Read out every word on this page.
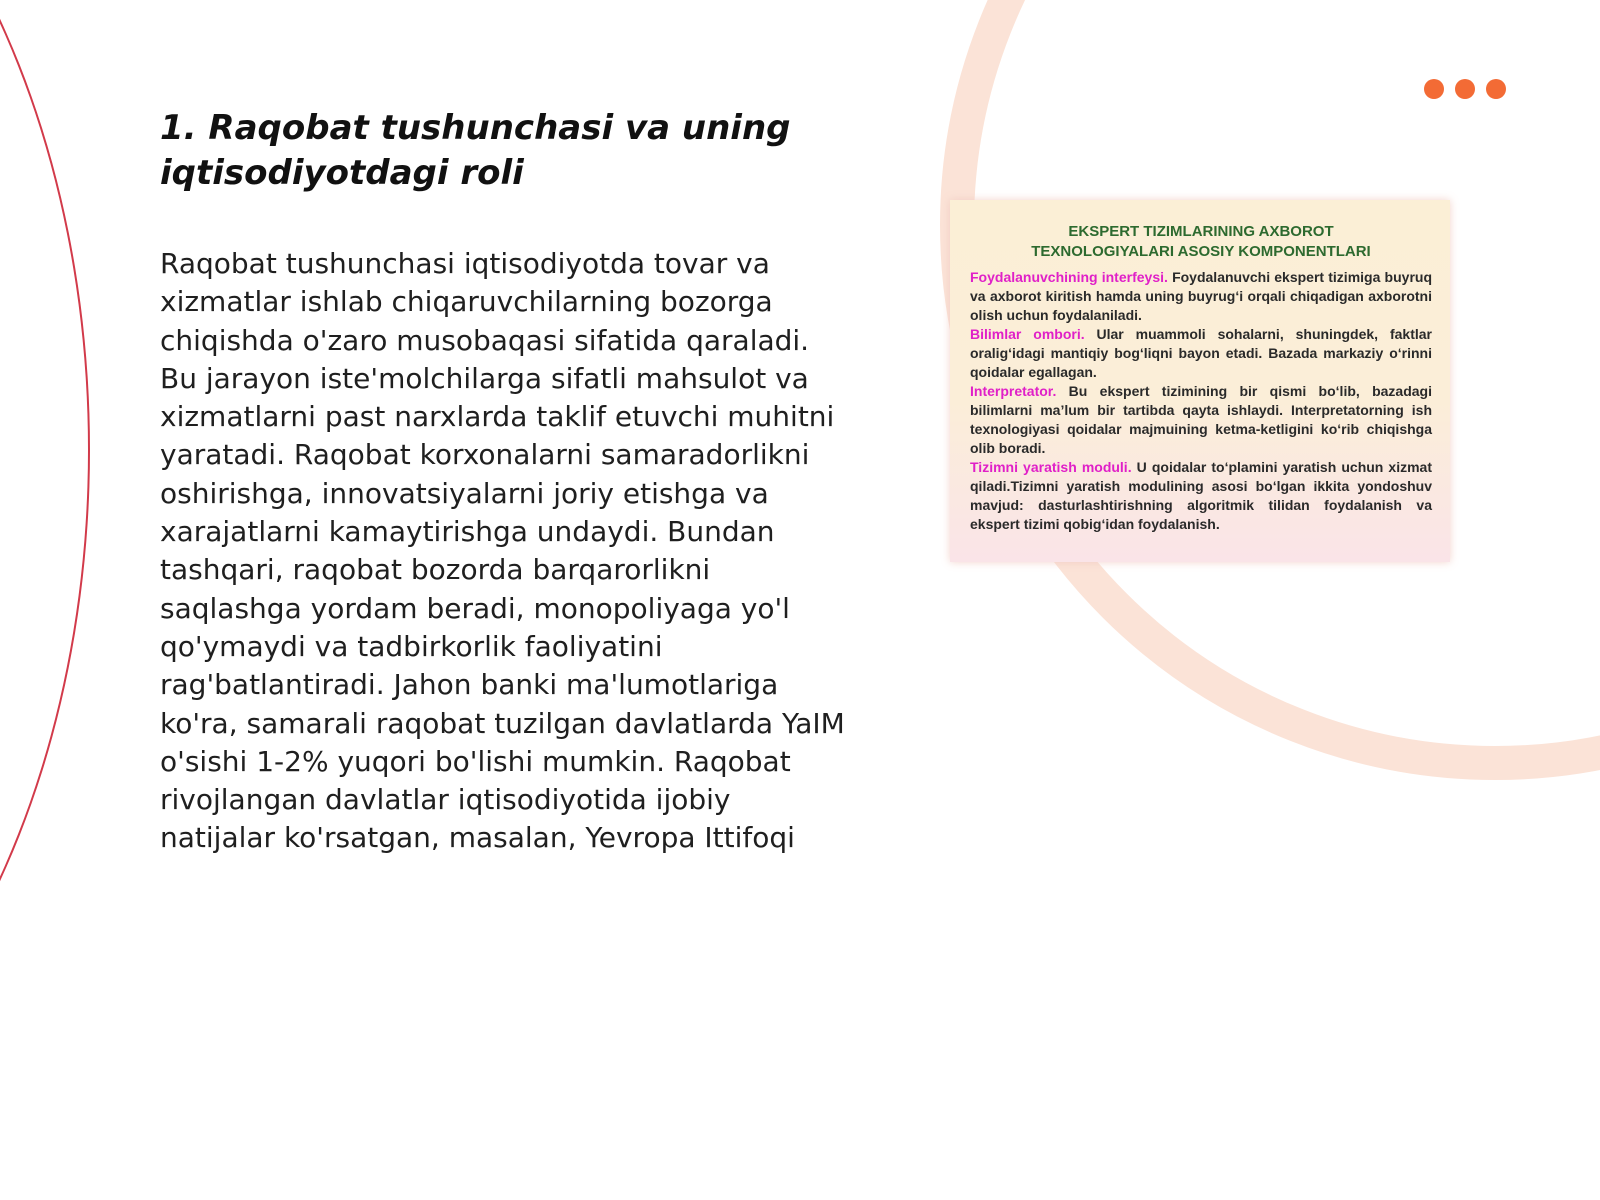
1. Raqobat tushunchasi va uning iqtisodiyotdagi roli

Raqobat tushunchasi iqtisodiyotda tovar va xizmatlar ishlab chiqaruvchilarning bozorga chiqishda o'zaro musobaqasi sifatida qaraladi. Bu jarayon iste'molchilarga sifatli mahsulot va xizmatlarni past narxlarda taklif etuvchi muhitni yaratadi. Raqobat korxonalarni samaradorlikni oshirishga, innovatsiyalarni joriy etishga va xarajatlarni kamaytirishga undaydi. Bundan tashqari, raqobat bozorda barqarorlikni saqlashga yordam beradi, monopoliyaga yo'l qo'ymaydi va tadbirkorlik faoliyatini rag'batlantiradi. Jahon banki ma'lumotlariga ko'ra, samarali raqobat tuzilgan davlatlarda YaIM o'sishi 1-2% yuqori bo'lishi mumkin. Raqobat rivojlangan davlatlar iqtisodiyotida ijobiy natijalar ko'rsatgan, masalan, Yevropa Ittifoqi

EKSPERT TIZIMLARINING AXBOROT
TEXNOLOGIYALARI ASOSIY KOMPONENTLARI

Foydalanuvchining interfeysi. Foydalanuvchi ekspert tizimiga buyruq va axborot kiritish hamda uning buyrug‘i orqali chiqadigan axborotni olish uchun foydalaniladi.

Bilimlar ombori. Ular muammoli sohalarni, shuningdek, faktlar oralig‘idagi mantiqiy bog‘liqni bayon etadi. Bazada markaziy o‘rinni qoidalar egallagan.

Interpretator. Bu ekspert tizimining bir qismi bo‘lib, bazadagi bilimlarni ma’lum bir tartibda qayta ishlaydi. Interpretatorning ish texnologiyasi qoidalar majmuining ketma-ketligini ko‘rib chiqishga olib boradi.

Tizimni yaratish moduli. U qoidalar to‘plamini yaratish uchun xizmat qiladi.Tizimni yaratish modulining asosi bo‘lgan ikkita yondoshuv mavjud: dasturlashtirishning algoritmik tilidan foydalanish va ekspert tizimi qobig‘idan foydalanish.
